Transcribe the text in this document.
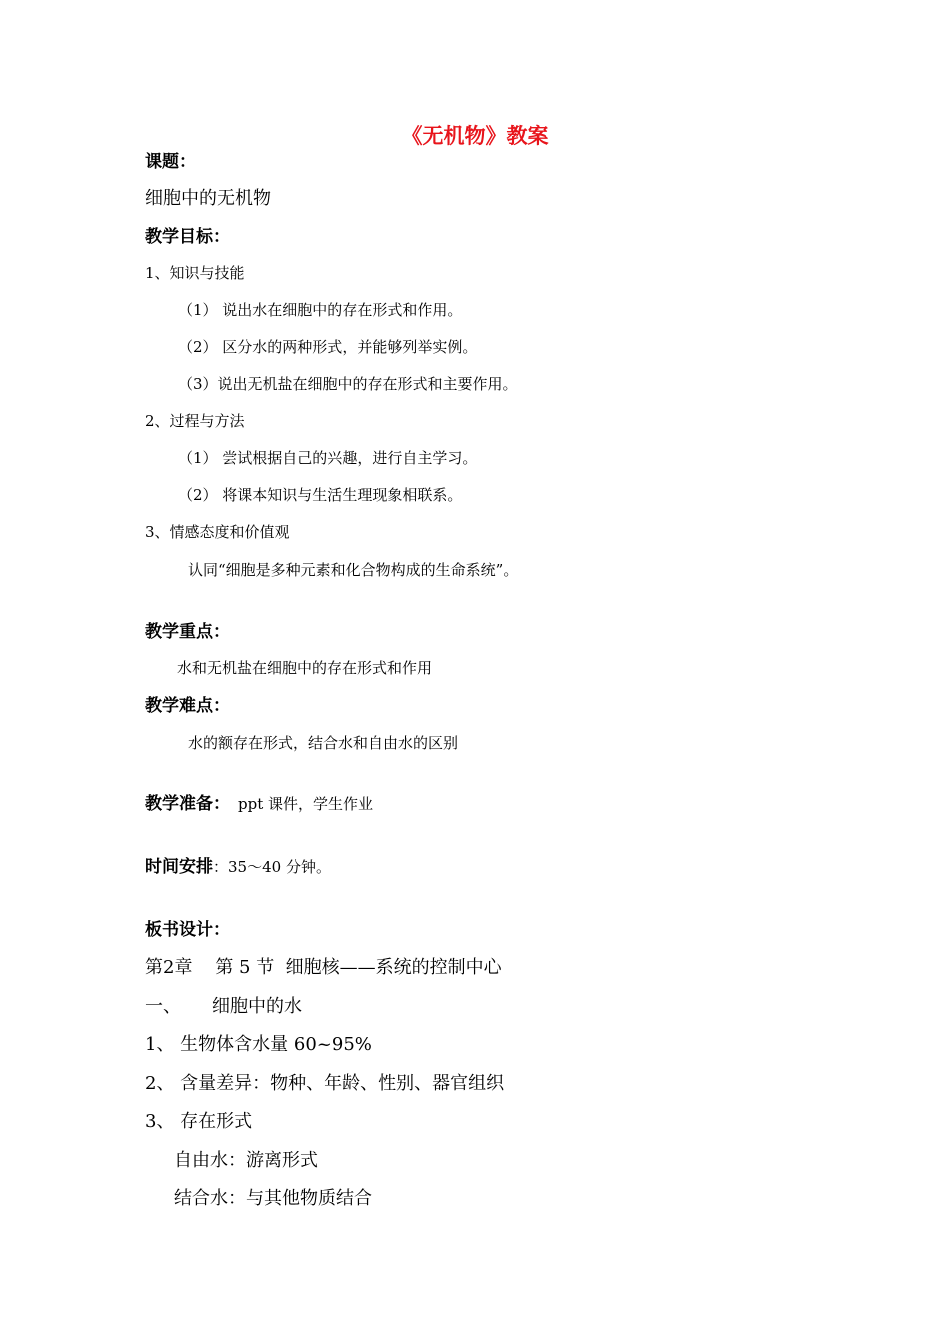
《无机物》教案
课题：
细胞中的无机物
教学目标：
1、知识与技能
（1） 说出水在细胞中的存在形式和作用。
（2） 区分水的两种形式，并能够列举实例。
（3）说出无机盐在细胞中的存在形式和主要作用。
2、过程与方法
（1） 尝试根据自己的兴趣，进行自主学习。
（2） 将课本知识与生活生理现象相联系。
3、情感态度和价值观
认同“细胞是多种元素和化合物构成的生命系统”。
教学重点：
水和无机盐在细胞中的存在形式和作用
教学难点：
水的额存在形式，结合水和自由水的区别
教学准备： ppt 课件，学生作业
时间安排：35～40 分钟。
板书设计：
第2章    第 5 节  细胞核——系统的控制中心
一、 细胞中的水
1、 生物体含水量 60~95%
2、 含量差异：物种、年龄、性别、器官组织
3、 存在形式
自由水：游离形式
结合水：与其他物质结合
